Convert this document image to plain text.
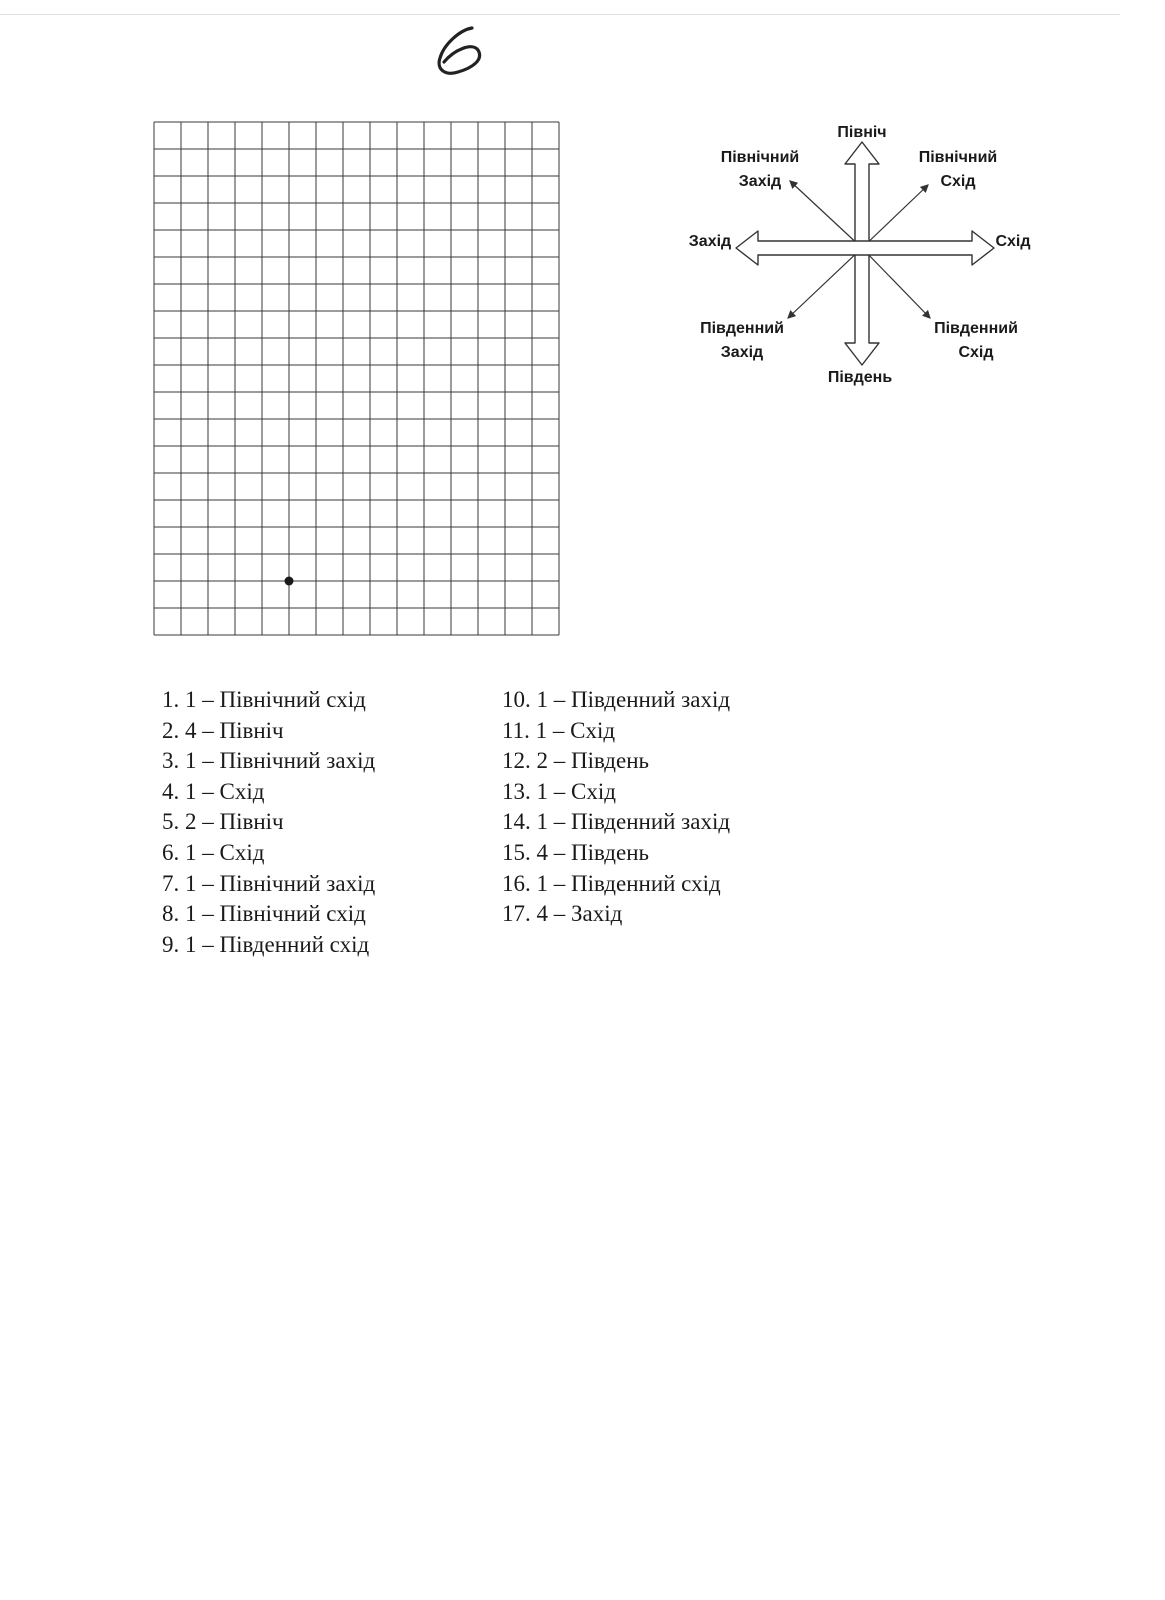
Північ
Північний
Захід
Північний
Схід
Захід	Схід
Південний
Захід
Південний
Схід
Південь
1. 1 – Північний схід
2. 4 – Північ
3. 1 – Північний захід
4. 1 – Схід
5. 2 – Північ
6. 1 – Схід
7. 1 – Північний захід
8. 1 – Північний схід
9. 1 – Південний схід
10. 1 – Південний захід
11. 1 – Схід
12. 2 – Південь
13. 1 – Схід
14. 1 – Південний захід
15. 4 – Південь
16. 1 – Південний схід
17. 4 – Захід
